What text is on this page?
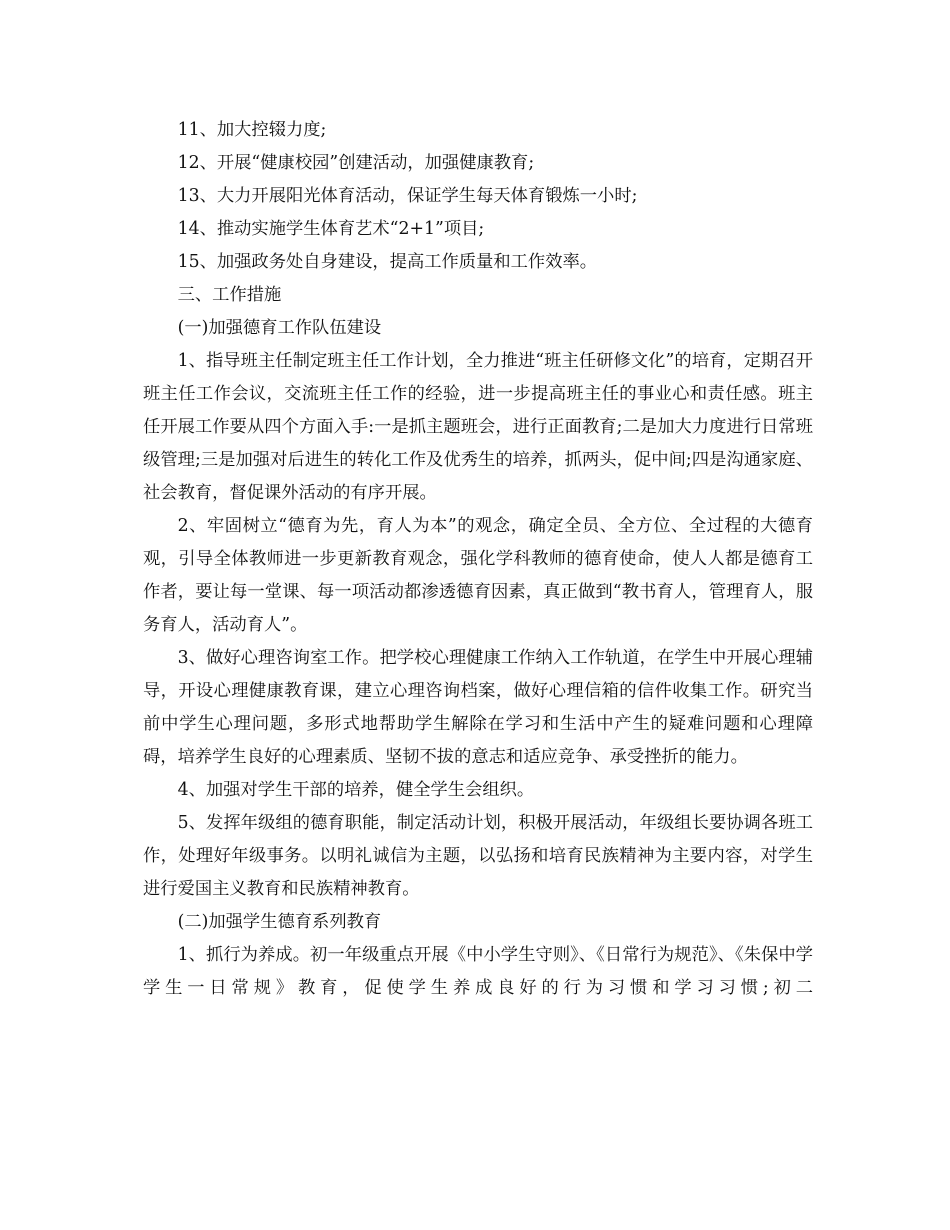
11、加大控辍力度;

12、开展“健康校园”创建活动，加强健康教育;

13、大力开展阳光体育活动，保证学生每天体育锻炼一小时;

14、推动实施学生体育艺术“2+1”项目;

15、加强政务处自身建设，提高工作质量和工作效率。

三、工作措施

(一)加强德育工作队伍建设

1、指导班主任制定班主任工作计划，全力推进“班主任研修文化”的培育，定期召开班主任工作会议，交流班主任工作的经验，进一步提高班主任的事业心和责任感。班主任开展工作要从四个方面入手:一是抓主题班会，进行正面教育;二是加大力度进行日常班级管理;三是加强对后进生的转化工作及优秀生的培养，抓两头，促中间;四是沟通家庭、社会教育，督促课外活动的有序开展。

2、牢固树立“德育为先，育人为本”的观念，确定全员、全方位、全过程的大德育观，引导全体教师进一步更新教育观念，强化学科教师的德育使命，使人人都是德育工作者，要让每一堂课、每一项活动都渗透德育因素，真正做到“教书育人，管理育人，服务育人，活动育人”。

3、做好心理咨询室工作。把学校心理健康工作纳入工作轨道，在学生中开展心理辅导，开设心理健康教育课，建立心理咨询档案，做好心理信箱的信件收集工作。研究当前中学生心理问题，多形式地帮助学生解除在学习和生活中产生的疑难问题和心理障碍，培养学生良好的心理素质、坚韧不拔的意志和适应竞争、承受挫折的能力。

4、加强对学生干部的培养，健全学生会组织。

5、发挥年级组的德育职能，制定活动计划，积极开展活动，年级组长要协调各班工作，处理好年级事务。以明礼诚信为主题，以弘扬和培育民族精神为主要内容，对学生进行爱国主义教育和民族精神教育。

(二)加强学生德育系列教育

1、抓行为养成。初一年级重点开展《中小学生守则》、《日常行为规范》、《朱保中学学生一日常规》教育，促使学生养成良好的行为习惯和学习习惯;初二
